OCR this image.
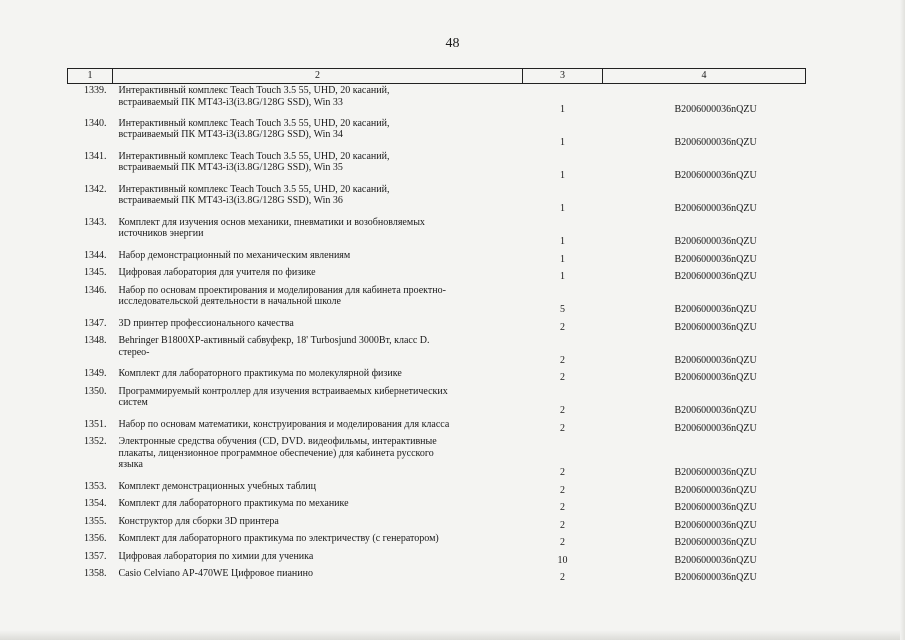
48
1	2	3	4
1339.	Интерактивный комплекс Teach Touch 3.5 55, UHD, 20 касаний,
встраиваемый ПК MT43-i3(i3.8G/128G SSD), Win 33	1	B2006000036nQZU
1340.	Интерактивный комплекс Teach Touch 3.5 55, UHD, 20 касаний,
встраиваемый ПК MT43-i3(i3.8G/128G SSD), Win 34	1	B2006000036nQZU
1341.	Интерактивный комплекс Teach Touch 3.5 55, UHD, 20 касаний,
встраиваемый ПК MT43-i3(i3.8G/128G SSD), Win 35	1	B2006000036nQZU
1342.	Интерактивный комплекс Teach Touch 3.5 55, UHD, 20 касаний,
встраиваемый ПК MT43-i3(i3.8G/128G SSD), Win 36	1	B2006000036nQZU
1343.	Комплект для изучения основ механики, пневматики и возобновляемых
источников энергии	1	B2006000036nQZU
1344.	Набор демонстрационный по механическим явлениям	1	B2006000036nQZU
1345.	Цифровая лаборатория для учителя по физике	1	B2006000036nQZU
1346.	Набор по основам проектирования и моделирования для кабинета проектно-
исследовательской деятельности в начальной школе	5	B2006000036nQZU
1347.	3D принтер профессионального качества	2	B2006000036nQZU
1348.	Behringer B1800XP-активный сабвуфекр, 18' Turbosjund 3000Вт, класс D.
стерео-	2	B2006000036nQZU
1349.	Комплект для лабораторного практикума по молекулярной физике	2	B2006000036nQZU
1350.	Программируемый контроллер для изучения встраиваемых кибернетических
систем	2	B2006000036nQZU
1351.	Набор по основам математики, конструирования и моделирования для класса	2	B2006000036nQZU
1352.	Электронные средства обучения (CD, DVD. видеофильмы, интерактивные
плакаты, лицензионное программное обеспечение) для кабинета русского
языка	2	B2006000036nQZU
1353.	Комплект демонстрационных учебных таблиц	2	B2006000036nQZU
1354.	Комплект для лабораторного практикума по механике	2	B2006000036nQZU
1355.	Конструктор для сборки 3D принтера	2	B2006000036nQZU
1356.	Комплект для лабораторного практикума по электричеству (с генератором)	2	B2006000036nQZU
1357.	Цифровая лаборатория по химии для ученика	10	B2006000036nQZU
1358.	Casio Celviano AP-470WE Цифровое пианино	2	B2006000036nQZU
